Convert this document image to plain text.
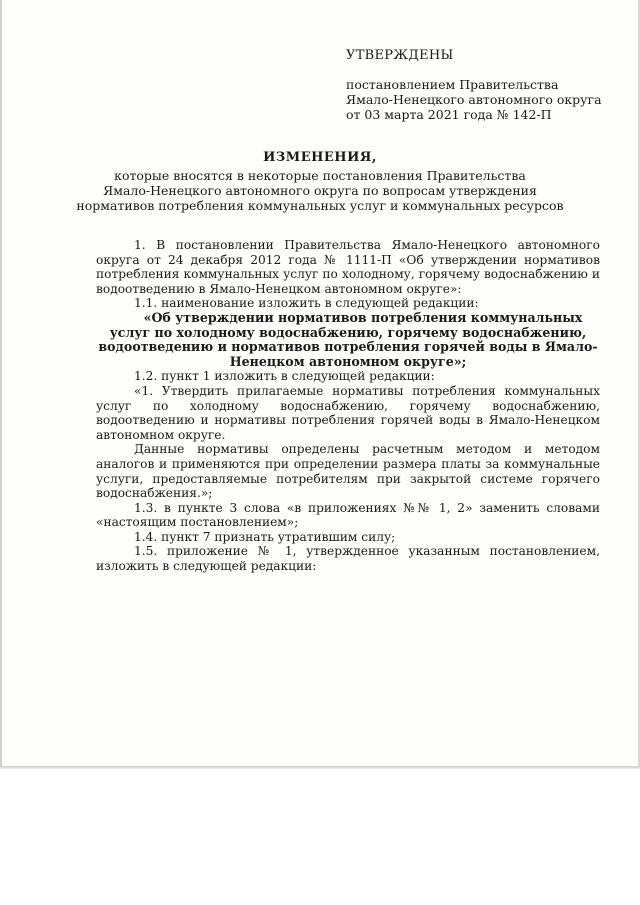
УТВЕРЖДЕНЫ
постановлением Правительства
Ямало-Ненецкого автономного округа
от 03 марта 2021 года № 142-П
ИЗМЕНЕНИЯ,
которые вносятся в некоторые постановления Правительства
Ямало-Ненецкого автономного округа по вопросам утверждения
нормативов потребления коммунальных услуг и коммунальных ресурсов

1. В постановлении Правительства Ямало-Ненецкого автономного округа от 24 декабря 2012 года № 1111-П «Об утверждении нормативов потребления коммунальных услуг по холодному, горячему водоснабжению и водоотведению в Ямало-Ненецком автономном округе»:

1.1. наименование изложить в следующей редакции:

«Об утверждении нормативов потребления коммунальных услуг по холодному водоснабжению, горячему водоснабжению, водоотведению и нормативов потребления горячей воды в Ямало-Ненецком автономном округе»;

1.2. пункт 1 изложить в следующей редакции:

«1. Утвердить прилагаемые нормативы потребления коммунальных услуг по холодному водоснабжению, горячему водоснабжению, водоотведению и нормативы потребления горячей воды в Ямало-Ненецком автономном округе.

Данные нормативы определены расчетным методом и методом аналогов и применяются при определении размера платы за коммунальные услуги, предоставляемые потребителям при закрытой системе горячего водоснабжения.»;

1.3. в пункте 3 слова «в приложениях №№ 1, 2» заменить словами «настоящим постановлением»;

1.4. пункт 7 признать утратившим силу;

1.5. приложение № 1, утвержденное указанным постановлением, изложить в следующей редакции:
